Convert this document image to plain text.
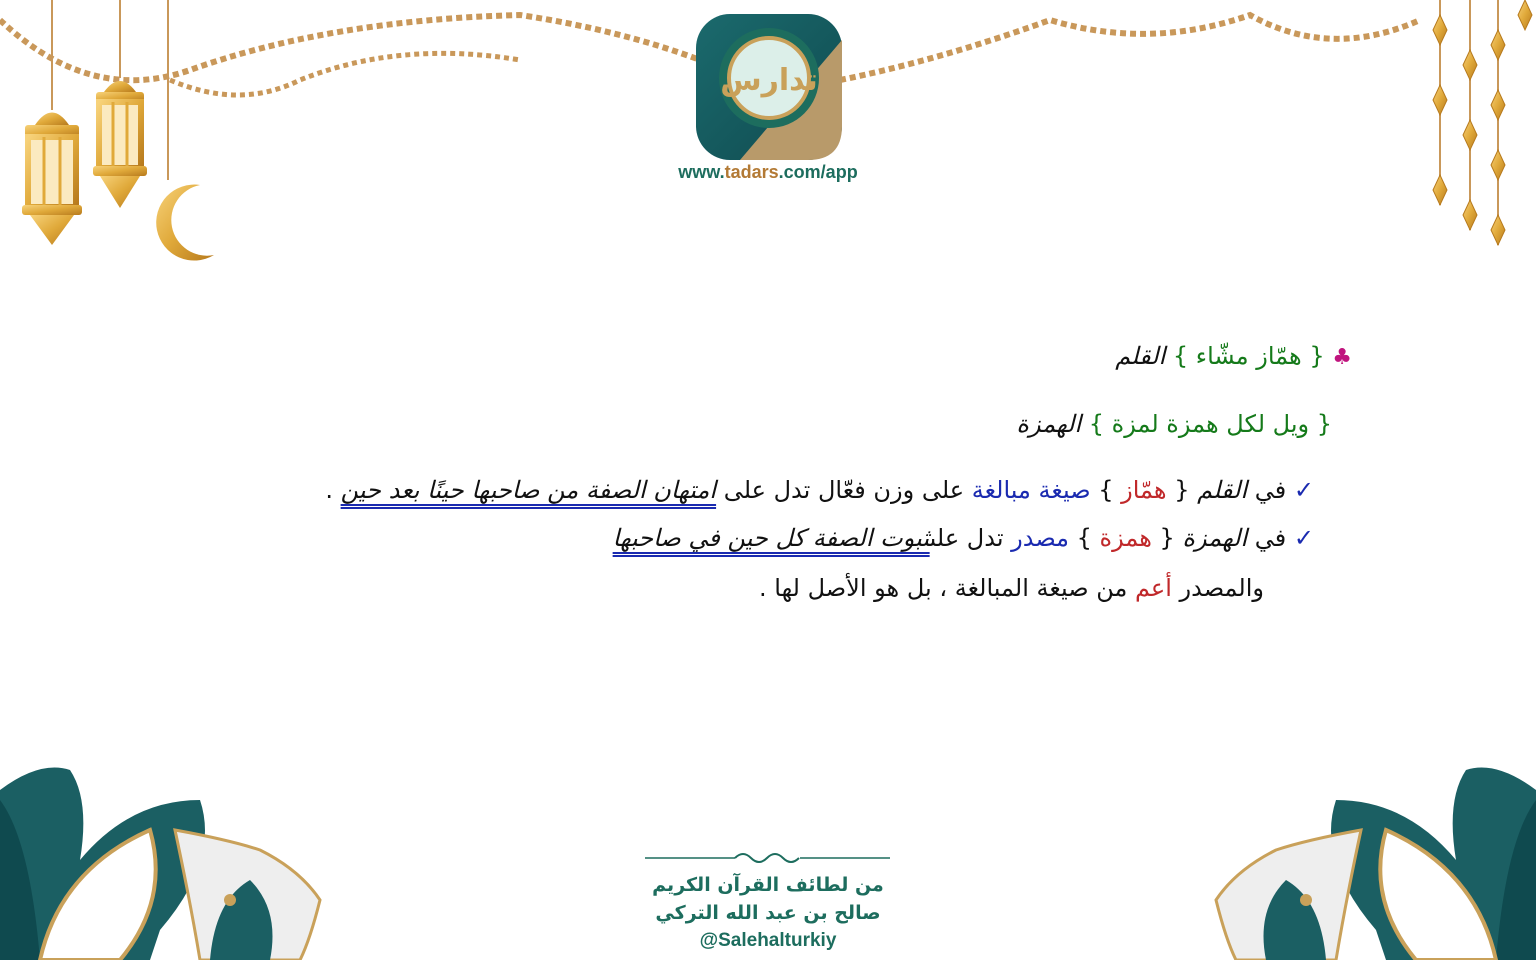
تدارس
www.tadars.com/app
♣ { همّاز مشّاء } القلم
{ ويل لكل همزة لمزة } الهمزة
✓ في القلم { همّاز } صيغة مبالغة على وزن فعّال تدل على امتهان الصفة من صاحبها حينًا بعد حين .
✓ في الهمزة { همزة } مصدر تدل علىثبوت الصفة كل حين في صاحبها
والمصدر أعم من صيغة المبالغة ، بل هو الأصل لها .
من لطائف القرآن الكريم
صالح بن عبد الله التركي
@Salehalturkiy
